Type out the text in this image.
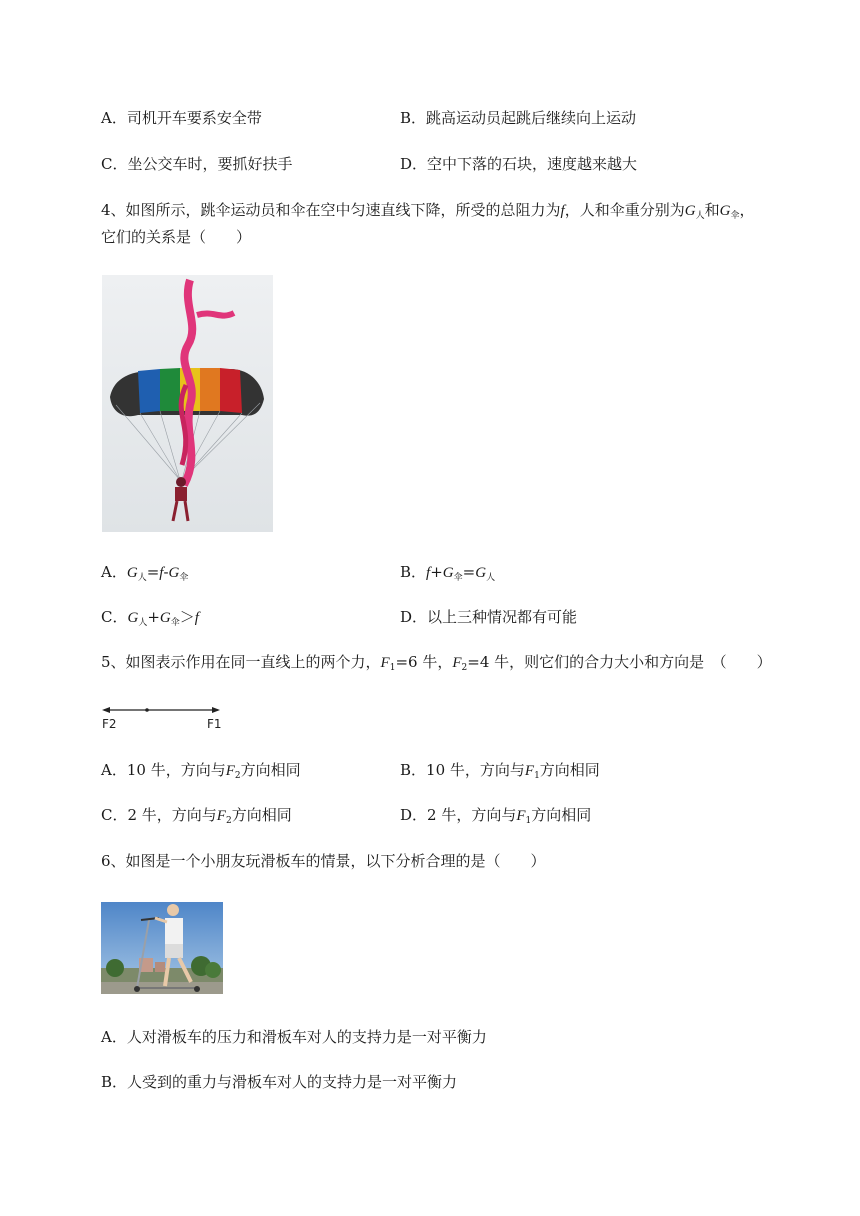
A．司机开车要系安全带	B．跳高运动员起跳后继续向上运动
C．坐公交车时，要抓好扶手	D．空中下落的石块，速度越来越大
4、如图所示，跳伞运动员和伞在空中匀速直线下降，所受的总阻力为f，人和伞重分别为$G_人$和$G_伞$，
它们的关系是（　　）
A．$G_人=f-G_伞$	B．$f+G_伞=G_人$
C．$G_人+G_伞>f$	D．以上三种情况都有可能
5、如图表示作用在同一直线上的两个力，$F_1=6$ 牛，$F_2=4$ 牛，则它们的合力大小和方向是　（　　）
F2	F1
A．10 牛，方向与$F_2$方向相同	B．10 牛，方向与$F_1$方向相同
C．2 牛，方向与$F_2$方向相同	D．2 牛，方向与$F_1$方向相同
6、如图是一个小朋友玩滑板车的情景，以下分析合理的是（　　）
A．人对滑板车的压力和滑板车对人的支持力是一对平衡力
B．人受到的重力与滑板车对人的支持力是一对平衡力
